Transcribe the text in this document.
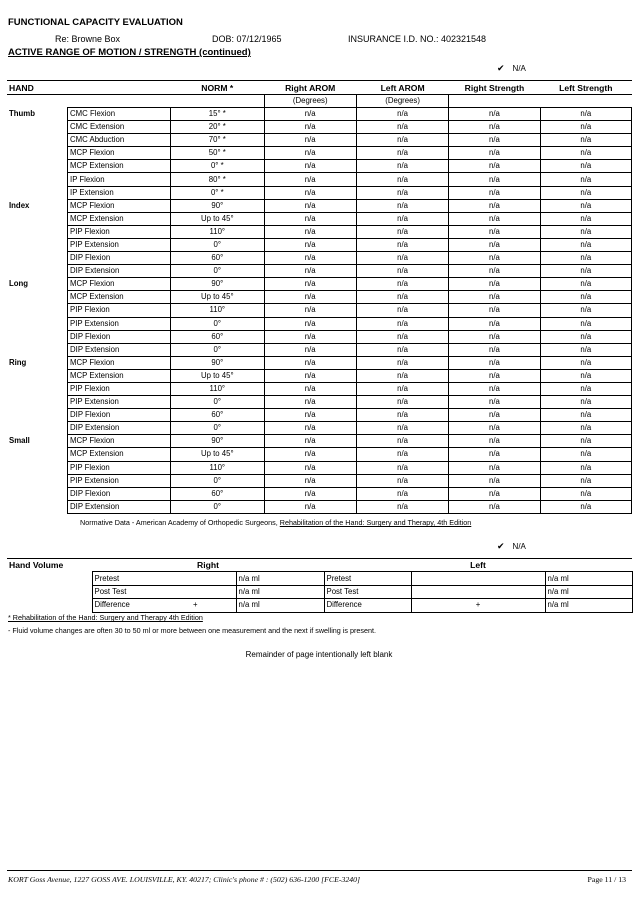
FUNCTIONAL CAPACITY EVALUATION
Re: Browne Box	DOB: 07/12/1965	INSURANCE I.D. NO.: 402321548
ACTIVE RANGE OF MOTION / STRENGTH (continued)
✔ N/A
HAND		NORM *	Right AROM	Left AROM	Right Strength	Left Strength
			(Degrees)	(Degrees)		
Thumb	CMC Flexion	15° *	n/a	n/a	n/a	n/a
	CMC Extension	20° *	n/a	n/a	n/a	n/a
	CMC Abduction	70° *	n/a	n/a	n/a	n/a
	MCP Flexion	50° *	n/a	n/a	n/a	n/a
	MCP Extension	0° *	n/a	n/a	n/a	n/a
	IP Flexion	80° *	n/a	n/a	n/a	n/a
	IP Extension	0° *	n/a	n/a	n/a	n/a
Index	MCP Flexion	90°	n/a	n/a	n/a	n/a
	MCP Extension	Up to 45°	n/a	n/a	n/a	n/a
	PIP Flexion	110°	n/a	n/a	n/a	n/a
	PIP Extension	0°	n/a	n/a	n/a	n/a
	DIP Flexion	60°	n/a	n/a	n/a	n/a
	DIP Extension	0°	n/a	n/a	n/a	n/a
Long	MCP Flexion	90°	n/a	n/a	n/a	n/a
	MCP Extension	Up to 45°	n/a	n/a	n/a	n/a
	PIP Flexion	110°	n/a	n/a	n/a	n/a
	PIP Extension	0°	n/a	n/a	n/a	n/a
	DIP Flexion	60°	n/a	n/a	n/a	n/a
	DIP Extension	0°	n/a	n/a	n/a	n/a
Ring	MCP Flexion	90°	n/a	n/a	n/a	n/a
	MCP Extension	Up to 45°	n/a	n/a	n/a	n/a
	PIP Flexion	110°	n/a	n/a	n/a	n/a
	PIP Extension	0°	n/a	n/a	n/a	n/a
	DIP Flexion	60°	n/a	n/a	n/a	n/a
	DIP Extension	0°	n/a	n/a	n/a	n/a
Small	MCP Flexion	90°	n/a	n/a	n/a	n/a
	MCP Extension	Up to 45°	n/a	n/a	n/a	n/a
	PIP Flexion	110°	n/a	n/a	n/a	n/a
	PIP Extension	0°	n/a	n/a	n/a	n/a
	DIP Flexion	60°	n/a	n/a	n/a	n/a
	DIP Extension	0°	n/a	n/a	n/a	n/a
Normative Data - American Academy of Orthopedic Surgeons, Rehabilitation of the Hand: Surgery and Therapy, 4th Edition
✔ N/A
Hand Volume	Right		Left		
	Pretest	n/a ml	Pretest		n/a ml
	Post Test	n/a ml	Post Test		n/a ml
	Difference +	n/a ml	Difference	+	n/a ml
* Rehabilitation of the Hand: Surgery and Therapy 4th Edition
- Fluid volume changes are often 30 to 50 ml or more between one measurement and the next if swelling is present.
Remainder of page intentionally left blank
KORT Goss Avenue, 1227 GOSS AVE. LOUISVILLE, KY. 40217; Clinic's phone # : (502) 636-1200 [FCE-3240]	Page 11 / 13
